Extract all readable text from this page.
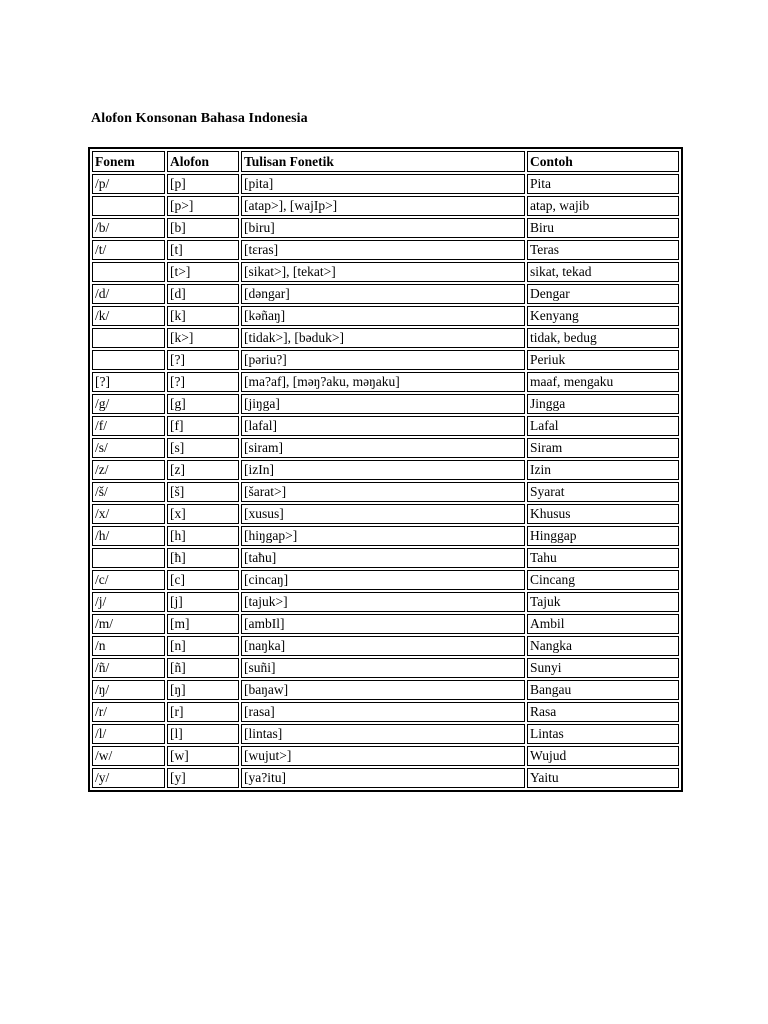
Alofon Konsonan Bahasa Indonesia
Fonem	Alofon	Tulisan Fonetik	Contoh
/p/	[p]	[pita]	Pita
	[p˃]	[atap˃], [wajIp˃]	atap, wajib
/b/	[b]	[biru]	Biru
/t/	[t]	[tεras]	Teras
	[t˃]	[sikat˃], [tekat˃]	sikat, tekad
/d/	[d]	[dəngar]	Dengar
/k/	[k]	[kəñaŋ]	Kenyang
	[k˃]	[tidak˃], [bəduk˃]	tidak, bedug
	[?]	[pəriu?]	Periuk
[?]	[?]	[ma?af], [məŋ?aku, məŋaku]	maaf, mengaku
/g/	[g]	[jiŋga]	Jingga
/f/	[f]	[lafal]	Lafal
/s/	[s]	[siram]	Siram
/z/	[z]	[izIn]	Izin
/š/	[š]	[šarat˃]	Syarat
/x/	[x]	[xusus]	Khusus
/h/	[h]	[hiŋgap˃]	Hinggap
	[ħ]	[taħu]	Tahu
/c/	[c]	[cincaŋ]	Cincang
/j/	[j]	[tajuk˃]	Tajuk
/m/	[m]	[ambIl]	Ambil
/n	[n]	[naŋka]	Nangka
/ñ/	[ñ]	[suñi]	Sunyi
/ŋ/	[ŋ]	[baŋaw]	Bangau
/r/	[r]	[rasa]	Rasa
/l/	[l]	[lintas]	Lintas
/w/	[w]	[wujut˃]	Wujud
/y/	[y]	[ya?itu]	Yaitu
